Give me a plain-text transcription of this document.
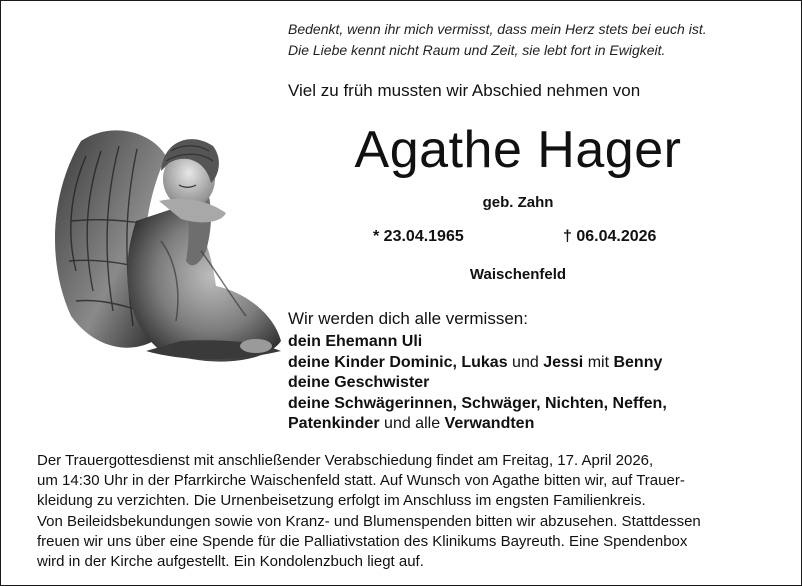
Bedenkt, wenn ihr mich vermisst, dass mein Herz stets bei euch ist.
Die Liebe kennt nicht Raum und Zeit, sie lebt fort in Ewigkeit.
Viel zu früh mussten wir Abschied nehmen von
Agathe Hager
geb. Zahn
* 23.04.1965	† 06.04.2026
Waischenfeld
Wir werden dich alle vermissen:
dein Ehemann Uli
deine Kinder Dominic, Lukas und Jessi mit Benny
deine Geschwister
deine Schwägerinnen, Schwäger, Nichten, Neffen,
Patenkinder und alle Verwandten
Der Trauergottesdienst mit anschließender Verabschiedung findet am Freitag, 17. April 2026,
um 14:30 Uhr in der Pfarrkirche Waischenfeld statt. Auf Wunsch von Agathe bitten wir, auf Trauer-
kleidung zu verzichten. Die Urnenbeisetzung erfolgt im Anschluss im engsten Familienkreis.
Von Beileidsbekundungen sowie von Kranz- und Blumenspenden bitten wir abzusehen. Stattdessen
freuen wir uns über eine Spende für die Palliativstation des Klinikums Bayreuth. Eine Spendenbox
wird in der Kirche aufgestellt. Ein Kondolenzbuch liegt auf.
